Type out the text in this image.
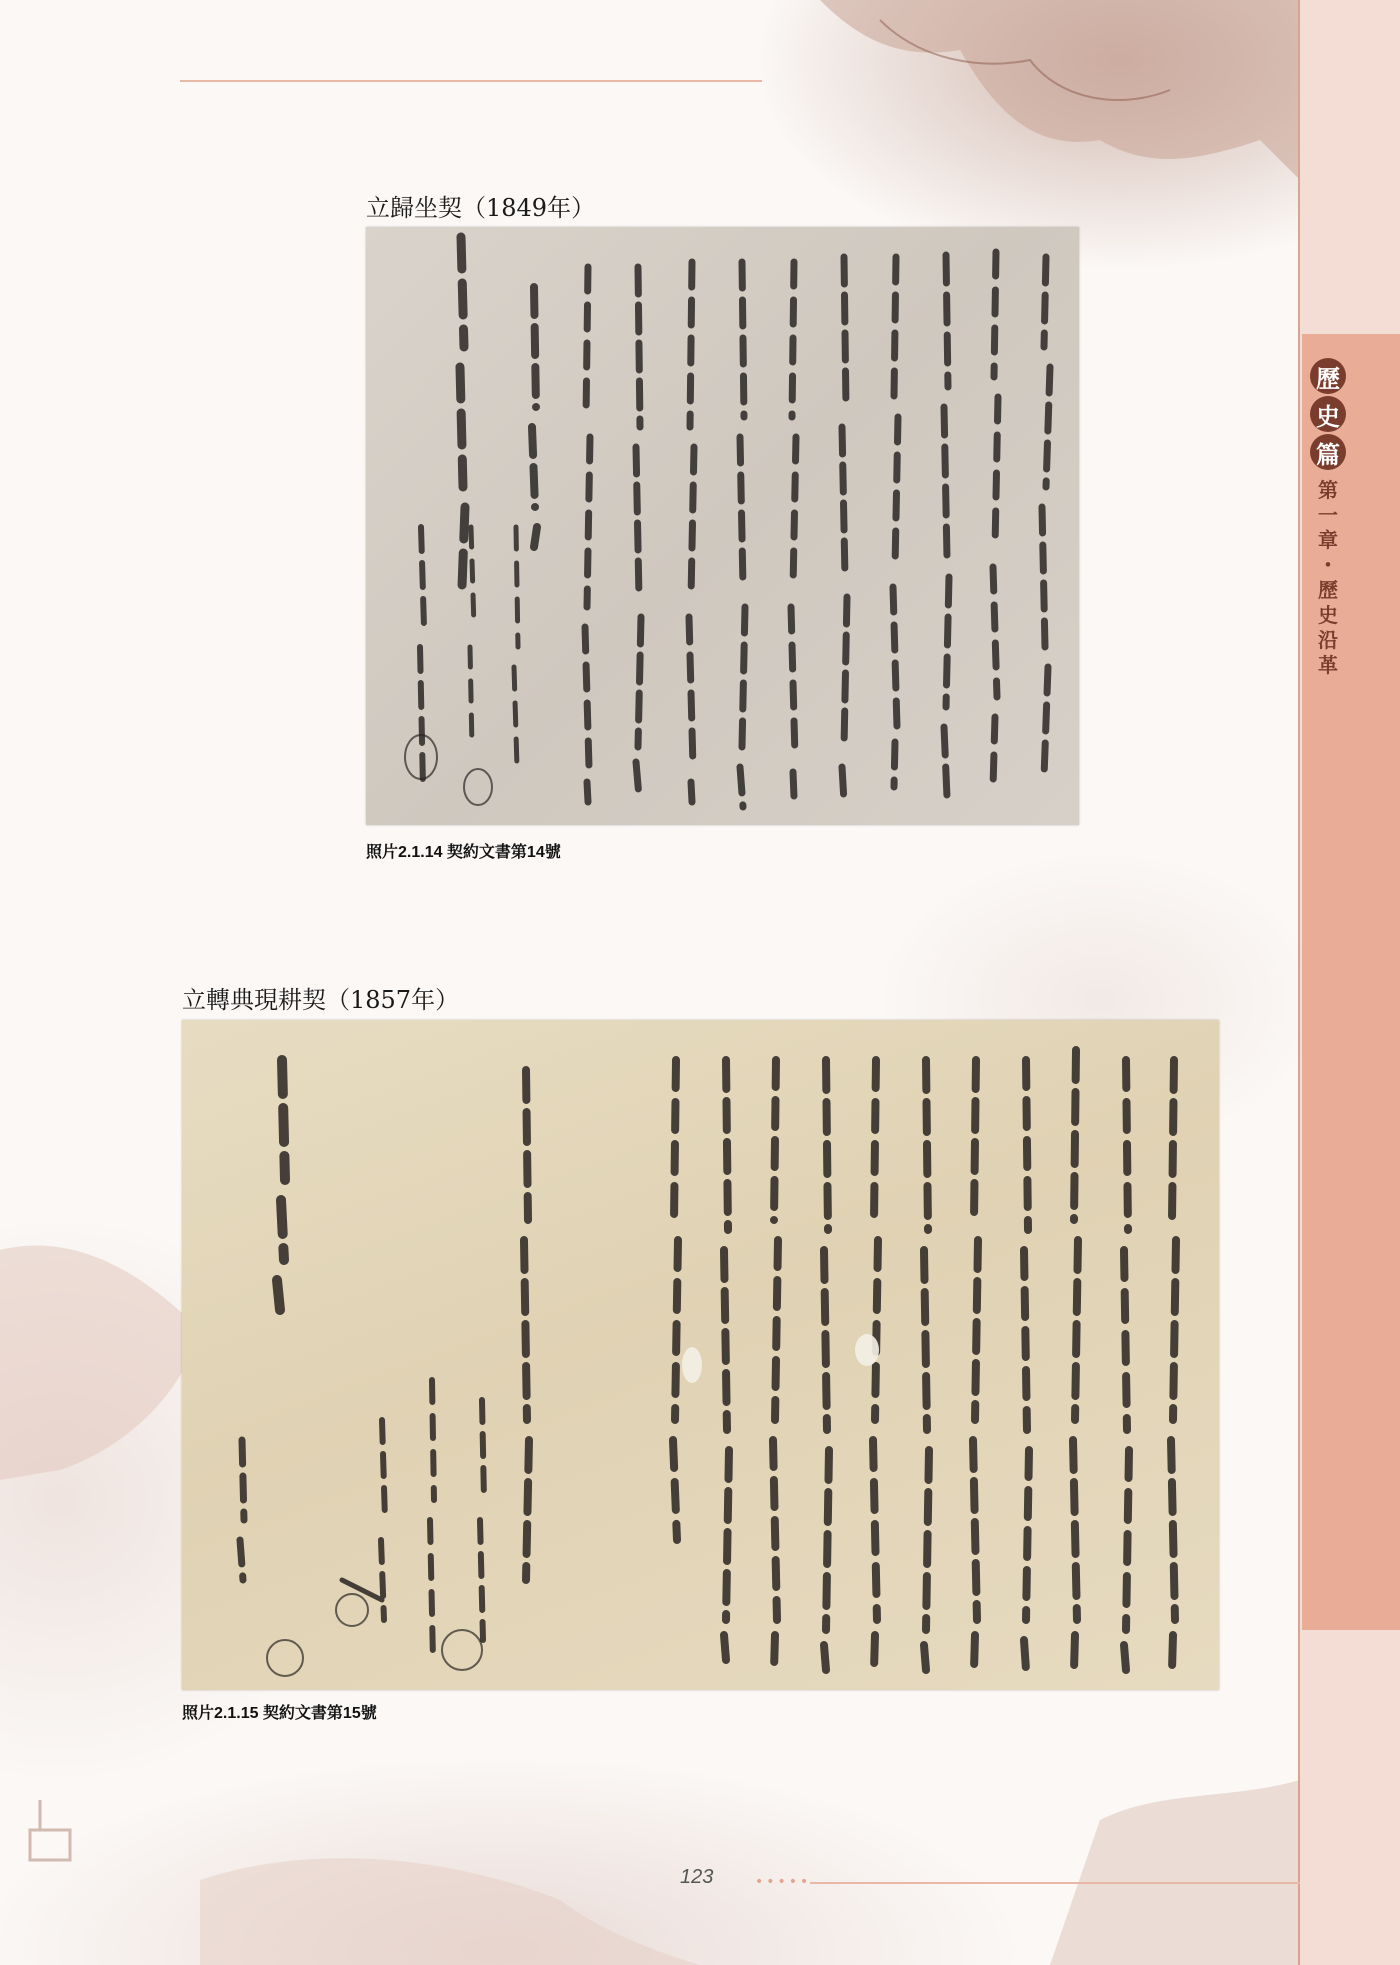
歷
史
篇
第
一
章
・
歷
史
沿
革
立歸坐契（1849年）
照片2.1.14 契約文書第14號
立轉典現耕契（1857年）
照片2.1.15 契約文書第15號
123	•••••
